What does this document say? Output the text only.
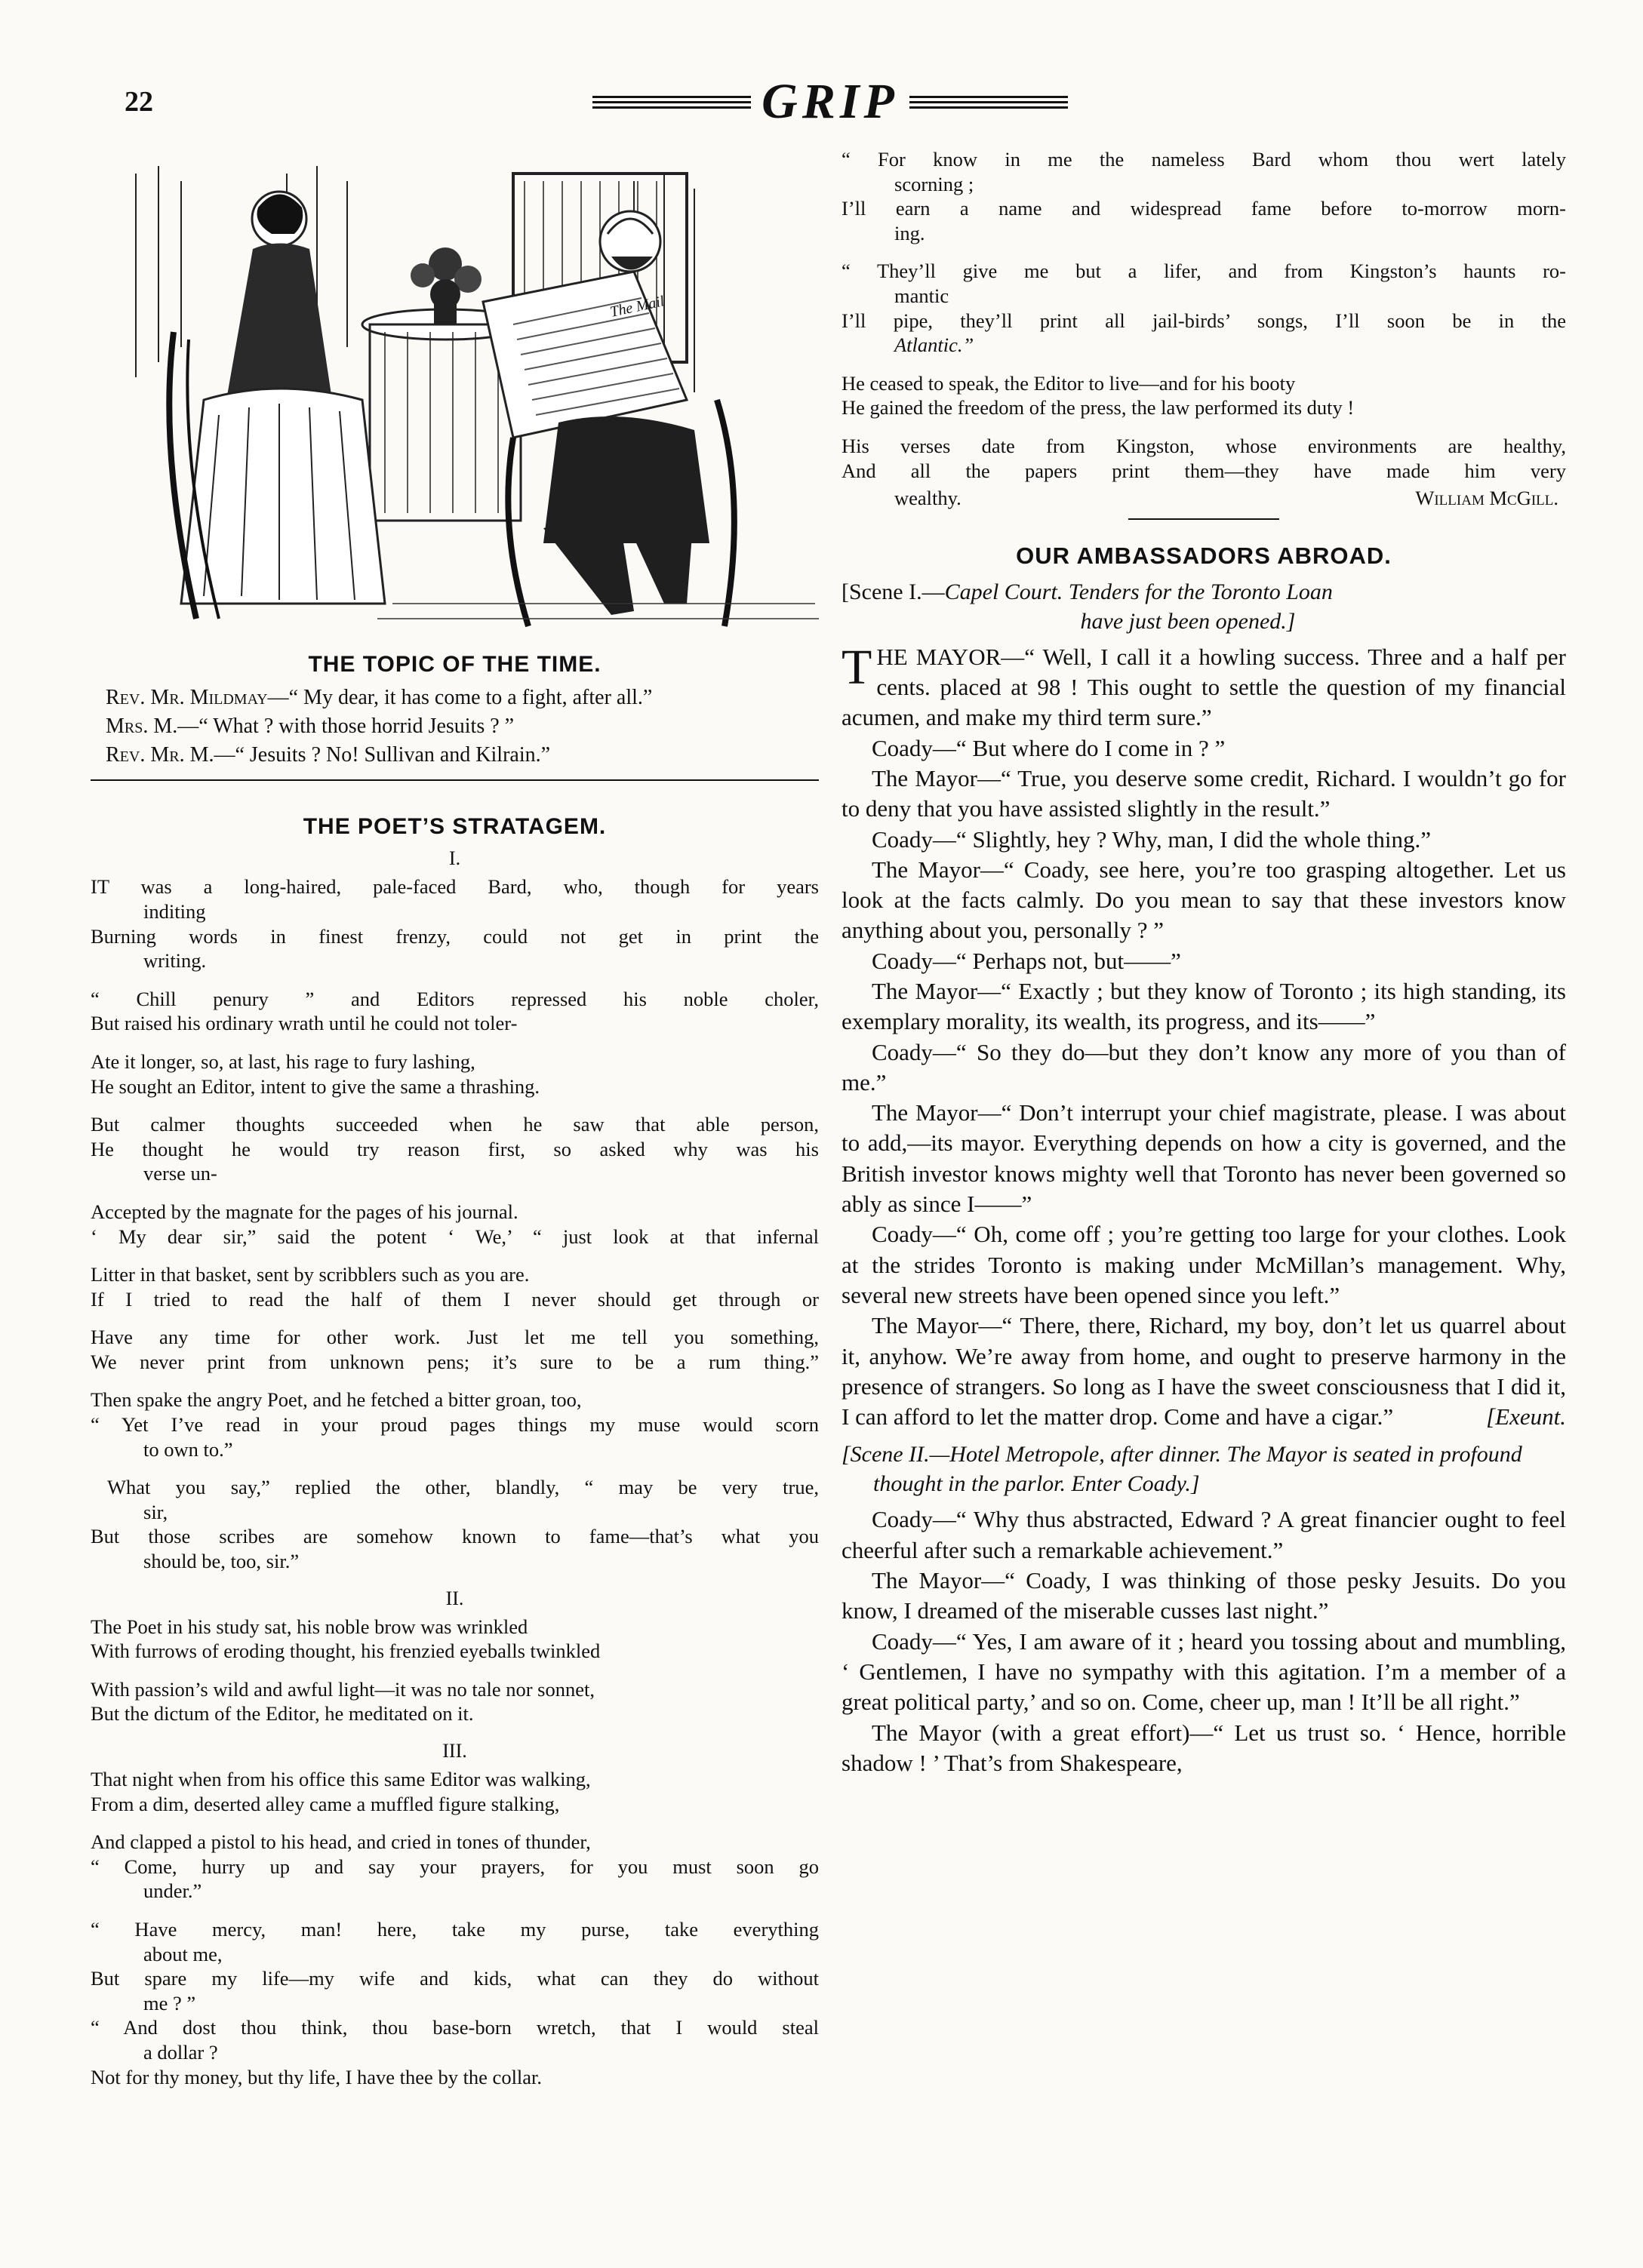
22	GRIP
The Mail
THE TOPIC OF THE TIME.

Rev. Mr. Mildmay—“ My dear, it has come to a fight, after all.”

Mrs. M.—“ What ? with those horrid Jesuits ? ”

Rev. Mr. M.—“ Jesuits ? No! Sullivan and Kilrain.”

THE POET’S STRATAGEM.
I.

IT was a long-haired, pale-faced Bard, who, though for years

inditing

Burning words in finest frenzy, could not get in print the

writing.

“ Chill penury ” and Editors repressed his noble choler,

But raised his ordinary wrath until he could not toler-

Ate it longer, so, at last, his rage to fury lashing,

He sought an Editor, intent to give the same a thrashing.

But calmer thoughts succeeded when he saw that able person,

He thought he would try reason first, so asked why was his

verse un-

Accepted by the magnate for the pages of his journal.

‘ My dear sir,” said the potent ‘ We,’ “ just look at that infernal

Litter in that basket, sent by scribblers such as you are.

If I tried to read the half of them I never should get through or

Have any time for other work. Just let me tell you something,

We never print from unknown pens; it’s sure to be a rum thing.”

Then spake the angry Poet, and he fetched a bitter groan, too,

“ Yet I’ve read in your proud pages things my muse would scorn

to own to.”

What you say,” replied the other, blandly, “ may be very true,

sir,

But those scribes are somehow known to fame—that’s what you

should be, too, sir.”

II.

The Poet in his study sat, his noble brow was wrinkled

With furrows of eroding thought, his frenzied eyeballs twinkled

With passion’s wild and awful light—it was no tale nor sonnet,

But the dictum of the Editor, he meditated on it.

III.

That night when from his office this same Editor was walking,

From a dim, deserted alley came a muffled figure stalking,

And clapped a pistol to his head, and cried in tones of thunder,

“ Come, hurry up and say your prayers, for you must soon go

under.”

“ Have mercy, man! here, take my purse, take everything

about me,

But spare my life—my wife and kids, what can they do without

me ? ”

“ And dost thou think, thou base-born wretch, that I would steal

a dollar ?

Not for thy money, but thy life, I have thee by the collar.

“ For know in me the nameless Bard whom thou wert lately

scorning ;

I’ll earn a name and widespread fame before to-morrow morn-

ing.

“ They’ll give me but a lifer, and from Kingston’s haunts ro-

mantic

I’ll pipe, they’ll print all jail-birds’ songs, I’ll soon be in the

Atlantic.”

He ceased to speak, the Editor to live—and for his booty

He gained the freedom of the press, the law performed its duty !

His verses date from Kingston, whose environments are healthy,

And all the papers print them—they have made him very

wealthy.	William McGill.
OUR AMBASSADORS ABROAD.

[Scene I.—Capel Court. Tenders for the Toronto Loan
have just been opened.]

THE MAYOR—“ Well, I call it a howling success. Three and a half per cents. placed at 98 ! This ought to settle the question of my financial acumen, and make my third term sure.”

Coady—“ But where do I come in ? ”

The Mayor—“ True, you deserve some credit, Richard. I wouldn’t go for to deny that you have assisted slightly in the result.”

Coady—“ Slightly, hey ? Why, man, I did the whole thing.”

The Mayor—“ Coady, see here, you’re too grasping altogether. Let us look at the facts calmly. Do you mean to say that these investors know anything about you, personally ? ”

Coady—“ Perhaps not, but——”

The Mayor—“ Exactly ; but they know of Toronto ; its high standing, its exemplary morality, its wealth, its progress, and its——”

Coady—“ So they do—but they don’t know any more of you than of me.”

The Mayor—“ Don’t interrupt your chief magistrate, please. I was about to add,—its mayor. Everything depends on how a city is governed, and the British investor knows mighty well that Toronto has never been governed so ably as since I——”

Coady—“ Oh, come off ; you’re getting too large for your clothes. Look at the strides Toronto is making under McMillan’s management. Why, several new streets have been opened since you left.”

The Mayor—“ There, there, Richard, my boy, don’t let us quarrel about it, anyhow. We’re away from home, and ought to preserve harmony in the presence of strangers. So long as I have the sweet consciousness that I did it, I can afford to let the matter drop. Come and have a cigar.”	[Exeunt.

[Scene II.—Hotel Metropole, after dinner. The Mayor is seated in profound thought in the parlor. Enter Coady.]

Coady—“ Why thus abstracted, Edward ? A great financier ought to feel cheerful after such a remarkable achievement.”

The Mayor—“ Coady, I was thinking of those pesky Jesuits. Do you know, I dreamed of the miserable cusses last night.”

Coady—“ Yes, I am aware of it ; heard you tossing about and mumbling, ‘ Gentlemen, I have no sympathy with this agitation. I’m a member of a great political party,’ and so on. Come, cheer up, man ! It’ll be all right.”

The Mayor (with a great effort)—“ Let us trust so. ‘ Hence, horrible shadow ! ’ That’s from Shakespeare,
